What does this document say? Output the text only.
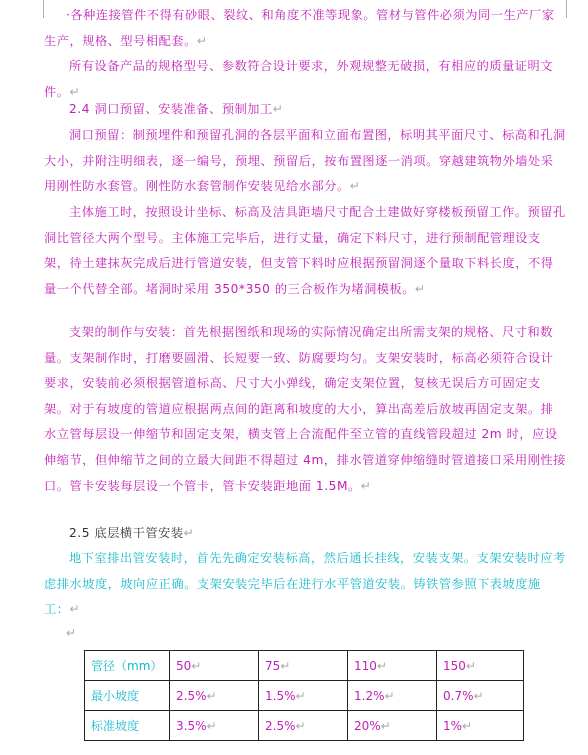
·各种连接管件不得有砂眼、裂纹、和角度不准等现象。管材与管件必须为同一生产厂家生产，规格、型号相配套。↵
所有设备产品的规格型号、参数符合设计要求，外观规整无破损，有相应的质量证明文件。↵
2.4 洞口预留、安装准备、预制加工↵
洞口预留：制预埋件和预留孔洞的各层平面和立面布置图，标明其平面尺寸、标高和孔洞大小，并附注明细表，逐一编号，预埋、预留后，按布置图逐一消项。穿越建筑物外墙处采用刚性防水套管。刚性防水套管制作安装见给水部分。↵
主体施工时，按照设计坐标、标高及洁具距墙尺寸配合土建做好穿楼板预留工作。预留孔洞比管径大两个型号。主体施工完毕后，进行丈量，确定下料尺寸，进行预制配管理设支架，待土建抹灰完成后进行管道安装，但支管下料时应根据预留洞逐个量取下料长度，不得量一个代替全部。堵洞时采用 350*350 的三合板作为堵洞模板。↵
支架的制作与安装：首先根据图纸和现场的实际情况确定出所需支架的规格、尺寸和数量。支架制作时，打磨要圆滑、长短要一致、防腐要均匀。支架安装时，标高必须符合设计要求，安装前必须根据管道标高、尺寸大小弹线，确定支架位置，复核无误后方可固定支架。对于有坡度的管道应根据两点间的距离和坡度的大小，算出高差后放坡再固定支架。排水立管每层设一伸缩节和固定支架，横支管上合流配件至立管的直线管段超过 2m 时，应设伸缩节，但伸缩节之间的立最大间距不得超过 4m，排水管道穿伸缩缝时管道接口采用刚性接口。管卡安装每层设一个管卡，管卡安装距地面 1.5M。↵
2.5 底层横干管安装↵
地下室排出管安装时，首先先确定安装标高，然后通长挂线，安装支架。支架安装时应考虑排水坡度，坡向应正确。支架安装完毕后在进行水平管道安装。铸铁管参照下表坡度施工：↵
↵
管径（mm）	50↵	75↵	110↵	150↵
最小坡度	2.5%↵	1.5%↵	1.2%↵	0.7%↵
标准坡度	3.5%↵	2.5%↵	20%↵	1%↵
